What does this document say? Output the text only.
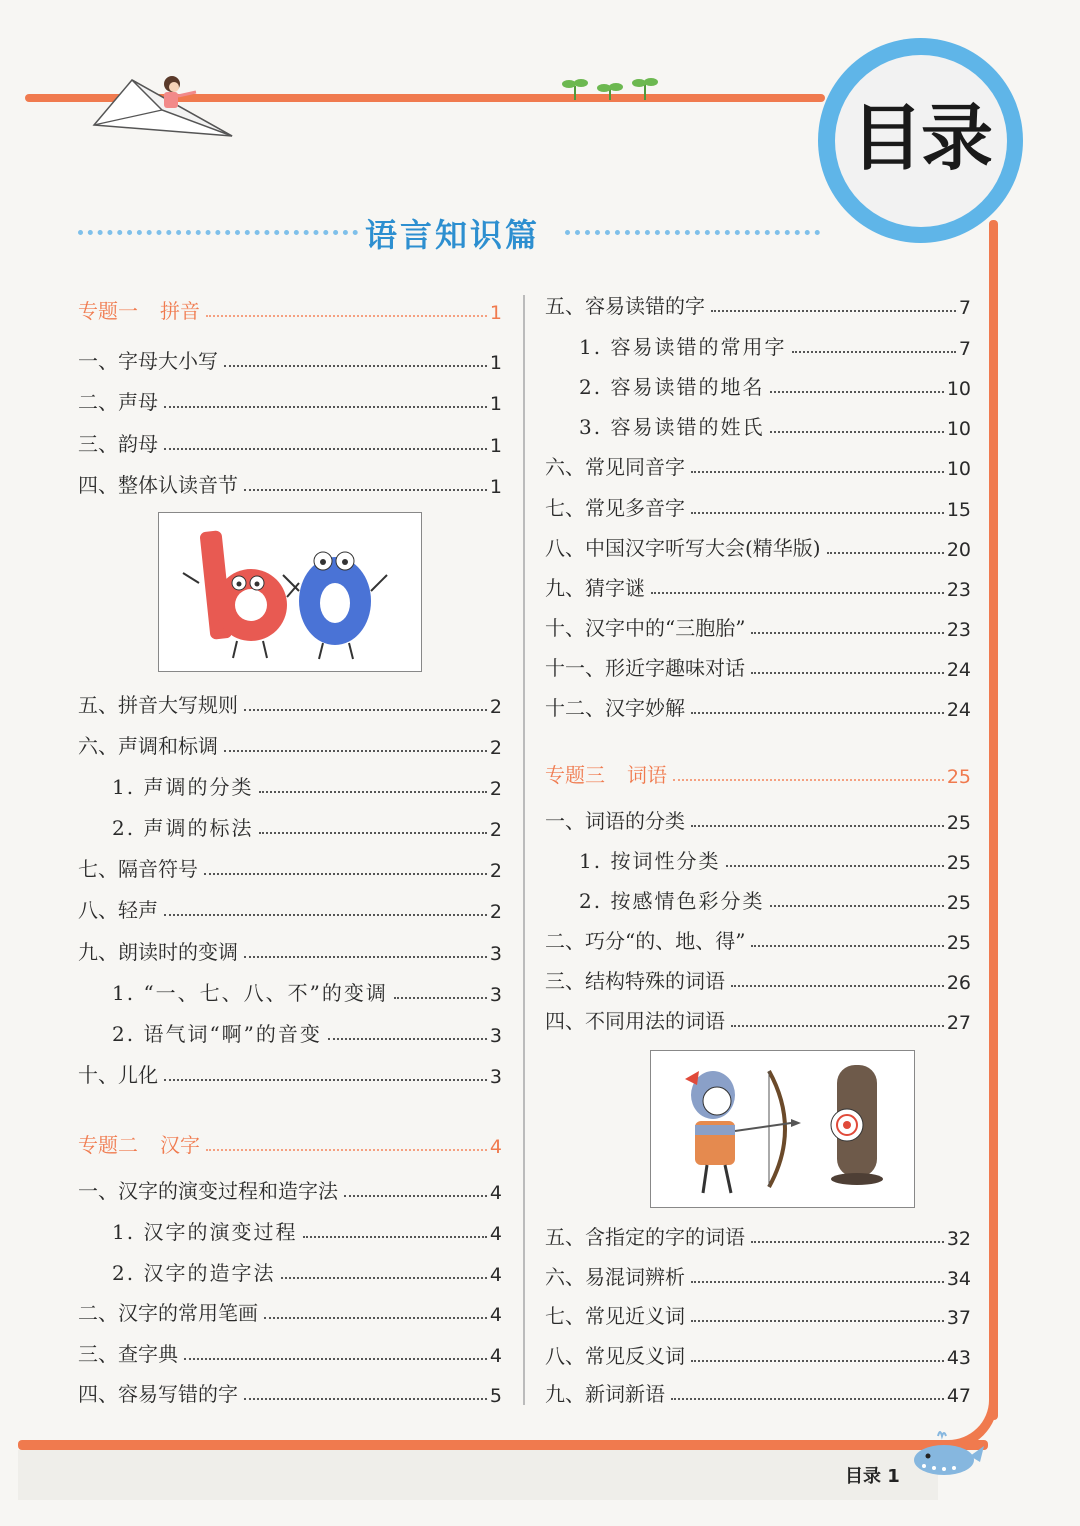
目录
语言知识篇
专题一 拼音	1
一、字母大小写	1
二、声母	1
三、韵母	1
四、整体认读音节	1
五、拼音大写规则	2
六、声调和标调	2
1. 声调的分类	2
2. 声调的标法	2
七、隔音符号	2
八、轻声	2
九、朗读时的变调	3
1. “一、七、八、不”的变调	3
2. 语气词“啊”的音变	3
十、儿化	3
专题二 汉字	4
一、汉字的演变过程和造字法	4
1. 汉字的演变过程	4
2. 汉字的造字法	4
二、汉字的常用笔画	4
三、查字典	4
四、容易写错的字	5
五、容易读错的字	7
1. 容易读错的常用字	7
2. 容易读错的地名	10
3. 容易读错的姓氏	10
六、常见同音字	10
七、常见多音字	15
八、中国汉字听写大会(精华版)	20
九、猜字谜	23
十、汉字中的“三胞胎”	23
十一、形近字趣味对话	24
十二、汉字妙解	24
专题三 词语	25
一、词语的分类	25
1. 按词性分类	25
2. 按感情色彩分类	25
二、巧分“的、地、得”	25
三、结构特殊的词语	26
四、不同用法的词语	27
五、含指定的字的词语	32
六、易混词辨析	34
七、常见近义词	37
八、常见反义词	43
九、新词新语	47
目录 1
